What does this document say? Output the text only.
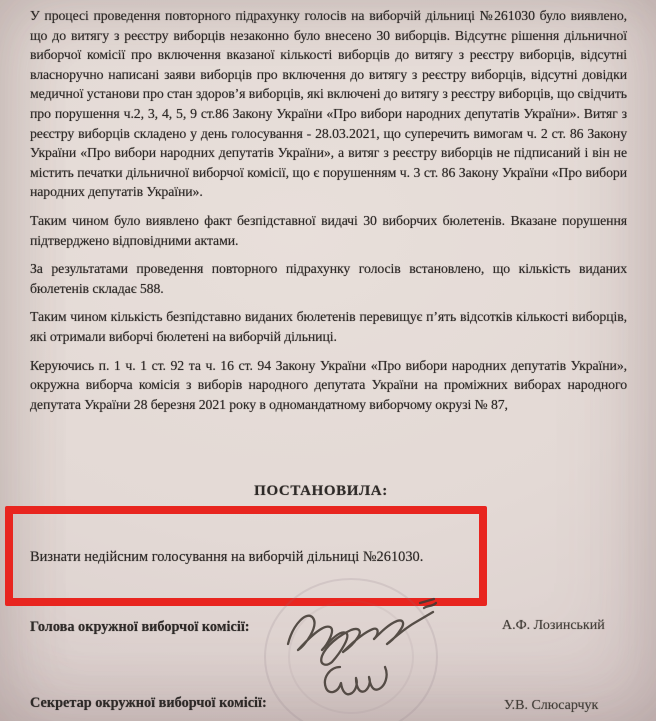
У процесі проведення повторного підрахунку голосів на виборчій дільниці №261030 було виявлено, що до витягу з реєстру виборців незаконно було внесено 30 виборців. Відсутнє рішення дільничної виборчої комісії про включення вказаної кількості виборців до витягу з реєстру виборців, відсутні власноручно написані заяви виборців про включення до витягу з реєстру виборців, відсутні довідки медичної установи про стан здоров’я виборців, які включені до витягу з реєстру виборців, що свідчить про порушення ч.2, 3, 4, 5, 9 ст.86 Закону України «Про вибори народних депутатів України». Витяг з реєстру виборців складено у день голосування - 28.03.2021, що суперечить вимогам ч. 2 ст. 86 Закону України «Про вибори народних депутатів України», а витяг з реєстру виборців не підписаний і він не містить печатки дільничної виборчої комісії, що є порушенням ч. 3 ст. 86 Закону України «Про вибори народних депутатів України».

Таким чином було виявлено факт безпідставної видачі 30 виборчих бюлетенів. Вказане порушення підтверджено відповідними актами.

За результатами проведення повторного підрахунку голосів встановлено, що кількість виданих бюлетенів складає 588.

Таким чином кількість безпідставно виданих бюлетенів перевищує п’ять відсотків кількості виборців, які отримали виборчі бюлетені на виборчій дільниці.

Керуючись п. 1 ч. 1 ст. 92 та ч. 16 ст. 94 Закону України «Про вибори народних депутатів України», окружна виборча комісія з виборів народного депутата України на проміжних виборах народного депутата України 28 березня 2021 року в одномандатному виборчому окрузі № 87,

ПОСТАНОВИЛА:

Визнати недійсним голосування на виборчій дільниці №261030.

Голова окружної виборчої комісії:	А.Ф. Лозинський
Секретар окружної виборчої комісії:	У.В. Слюсарчук
